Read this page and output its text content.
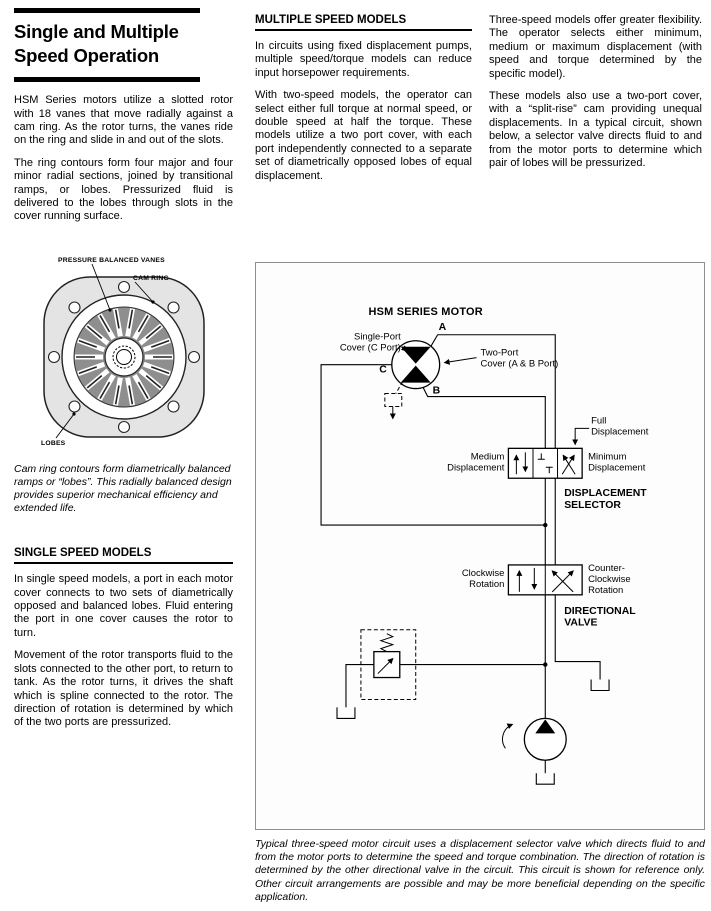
Single and Multiple Speed Operation

HSM Series motors utilize a slotted rotor with 18 vanes that move radially against a cam ring. As the rotor turns, the vanes ride on the ring and slide in and out of the slots.

The ring contours form four major and four minor radial sections, joined by transitional ramps, or lobes. Pressurized fluid is delivered to the lobes through slots in the cover running surface.

PRESSURE BALANCED VANES
CAM RING
LOBES

Cam ring contours form diametrically balanced ramps or “lobes”. This radially balanced design provides superior mechanical efficiency and extended life.

SINGLE SPEED MODELS

In single speed models, a port in each motor cover connects to two sets of diametrically opposed and balanced lobes. Fluid entering the port in one cover causes the rotor to turn.

Movement of the rotor transports fluid to the slots connected to the other port, to return to tank. As the rotor turns, it drives the shaft which is spline connected to the rotor. The direction of rotation is determined by which of the two ports are pressurized.

MULTIPLE SPEED MODELS

In circuits using fixed displacement pumps, multiple speed/torque models can reduce input horsepower requirements.

With two-speed models, the operator can select either full torque at normal speed, or double speed at half the torque. These models utilize a two port cover, with each port independently connected to a separate set of diametrically opposed lobes of equal displacement.

Three-speed models offer greater flexibility. The operator selects either minimum, medium or maximum displacement (with speed and torque determined by the specific model).

These models also use a two-port cover, with a “split-rise” cam providing unequal displacements. In a typical circuit, shown below, a selector valve directs fluid to and from the motor ports to determine which pair of lobes will be pressurized.

HSM SERIES MOTOR
A
C
B
Single-Port
Cover (C Port)	Two-Port
Cover (A & B Port)
Full
Displacement
Medium
Displacement
Minimum
Displacement
DISPLACEMENT
SELECTOR
Clockwise
Rotation
Counter-
Clockwise
Rotation
DIRECTIONAL
VALVE

Typical three-speed motor circuit uses a displacement selector valve which directs fluid to and from the motor ports to determine the speed and torque combination. The direction of rotation is determined by the other directional valve in the circuit. This circuit is shown for reference only. Other circuit arrangements are possible and may be more beneficial depending on the specific application.
